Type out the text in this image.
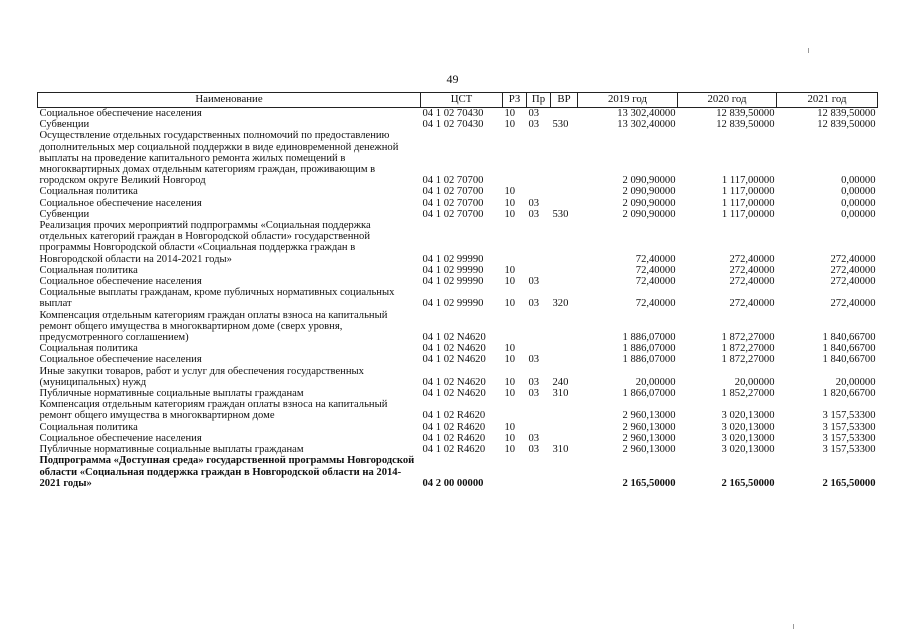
49
Наименование	ЦСТ	РЗ	Пр	ВР	2019 год	2020 год	2021 год
Социальное обеспечение населения	04 1 02 70430	10	03		13 302,40000	12 839,50000	12 839,50000
Субвенции	04 1 02 70430	10	03	530	13 302,40000	12 839,50000	12 839,50000
Осуществление отдельных государственных полномочий по предоставлению дополнительных мер социальной поддержки в виде единовременной денежной выплаты на проведение капитального ремонта жилых помещений в многоквартирных домах отдельным категориям граждан, проживающим в городском округе Великий Новгород	04 1 02 70700				2 090,90000	1 117,00000	0,00000
Социальная политика	04 1 02 70700	10			2 090,90000	1 117,00000	0,00000
Социальное обеспечение населения	04 1 02 70700	10	03		2 090,90000	1 117,00000	0,00000
Субвенции	04 1 02 70700	10	03	530	2 090,90000	1 117,00000	0,00000
Реализация прочих мероприятий подпрограммы «Социальная поддержка отдельных категорий граждан в Новгородской области» государственной программы Новгородской области «Социальная поддержка граждан в Новгородской области на 2014-2021 годы»	04 1 02 99990				72,40000	272,40000	272,40000
Социальная политика	04 1 02 99990	10			72,40000	272,40000	272,40000
Социальное обеспечение населения	04 1 02 99990	10	03		72,40000	272,40000	272,40000
Социальные выплаты гражданам, кроме публичных нормативных социальных выплат	04 1 02 99990	10	03	320	72,40000	272,40000	272,40000
Компенсация отдельным категориям граждан оплаты взноса на капитальный ремонт общего имущества в многоквартирном доме (сверх уровня, предусмотренного соглашением)	04 1 02 N4620				1 886,07000	1 872,27000	1 840,66700
Социальная политика	04 1 02 N4620	10			1 886,07000	1 872,27000	1 840,66700
Социальное обеспечение населения	04 1 02 N4620	10	03		1 886,07000	1 872,27000	1 840,66700
Иные закупки товаров, работ и услуг для обеспечения государственных (муниципальных) нужд	04 1 02 N4620	10	03	240	20,00000	20,00000	20,00000
Публичные нормативные социальные выплаты гражданам	04 1 02 N4620	10	03	310	1 866,07000	1 852,27000	1 820,66700
Компенсация отдельным категориям граждан оплаты взноса на капитальный ремонт общего имущества в многоквартирном доме	04 1 02 R4620				2 960,13000	3 020,13000	3 157,53300
Социальная политика	04 1 02 R4620	10			2 960,13000	3 020,13000	3 157,53300
Социальное обеспечение населения	04 1 02 R4620	10	03		2 960,13000	3 020,13000	3 157,53300
Публичные нормативные социальные выплаты гражданам	04 1 02 R4620	10	03	310	2 960,13000	3 020,13000	3 157,53300
Подпрограмма «Доступная среда» государственной программы Новгородской области «Социальная поддержка граждан в Новгородской области на 2014-2021 годы»	04 2 00 00000				2 165,50000	2 165,50000	2 165,50000
